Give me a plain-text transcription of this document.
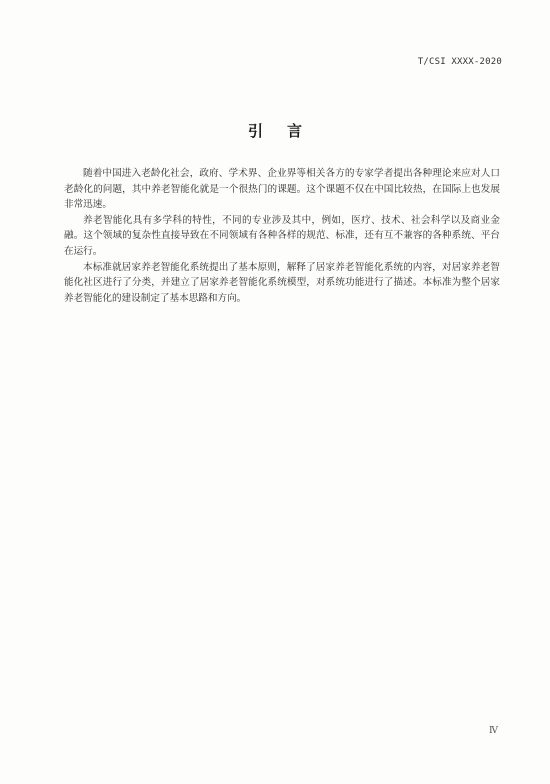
T/CSI XXXX-2020
引言

随着中国进入老龄化社会，政府、学术界、企业界等相关各方的专家学者提出各种理论来应对人口老龄化的问题，其中养老智能化就是一个很热门的课题。这个课题不仅在中国比较热，在国际上也发展非常迅速。

养老智能化具有多学科的特性，不同的专业涉及其中，例如，医疗、技术、社会科学以及商业金融。这个领域的复杂性直接导致在不同领域有各种各样的规范、标准，还有互不兼容的各种系统、平台在运行。

本标准就居家养老智能化系统提出了基本原则，解释了居家养老智能化系统的内容，对居家养老智能化社区进行了分类，并建立了居家养老智能化系统模型，对系统功能进行了描述。本标准为整个居家养老智能化的建设制定了基本思路和方向。

Ⅳ
